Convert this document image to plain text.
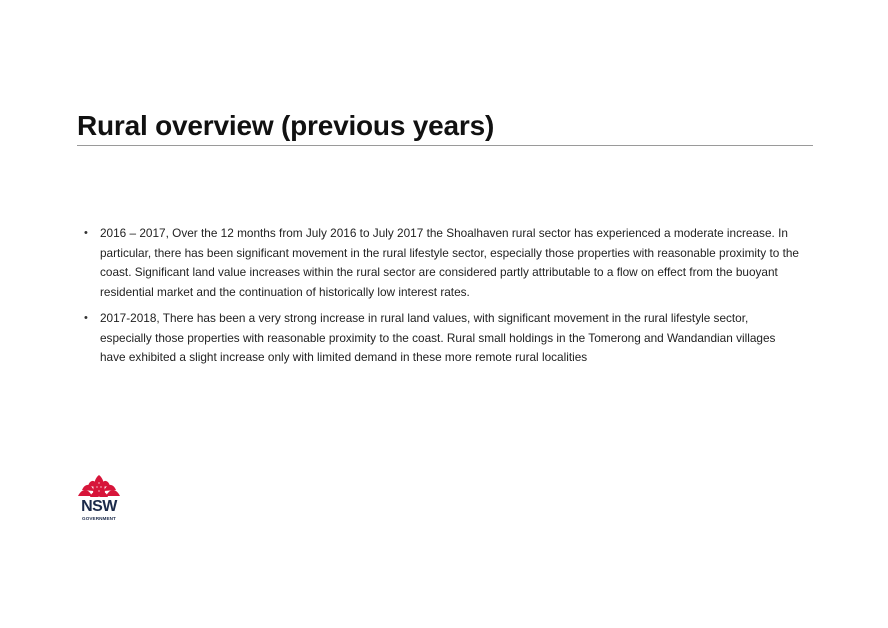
Rural overview (previous years)
• 2016 – 2017, Over the 12 months from July 2016 to July 2017 the Shoalhaven rural sector has experienced a moderate increase. In particular, there has been significant movement in the rural lifestyle sector, especially those properties with reasonable proximity to the coast. Significant land value increases within the rural sector are considered partly attributable to a flow on effect from the buoyant residential market and the continuation of historically low interest rates.
• 2017-2018, There has been a very strong increase in rural land values, with significant movement in the rural lifestyle sector, especially those properties with reasonable proximity to the coast. Rural small holdings in the Tomerong and Wandandian villages have exhibited a slight increase only with limited demand in these more remote rural localities
NSW
GOVERNMENT
